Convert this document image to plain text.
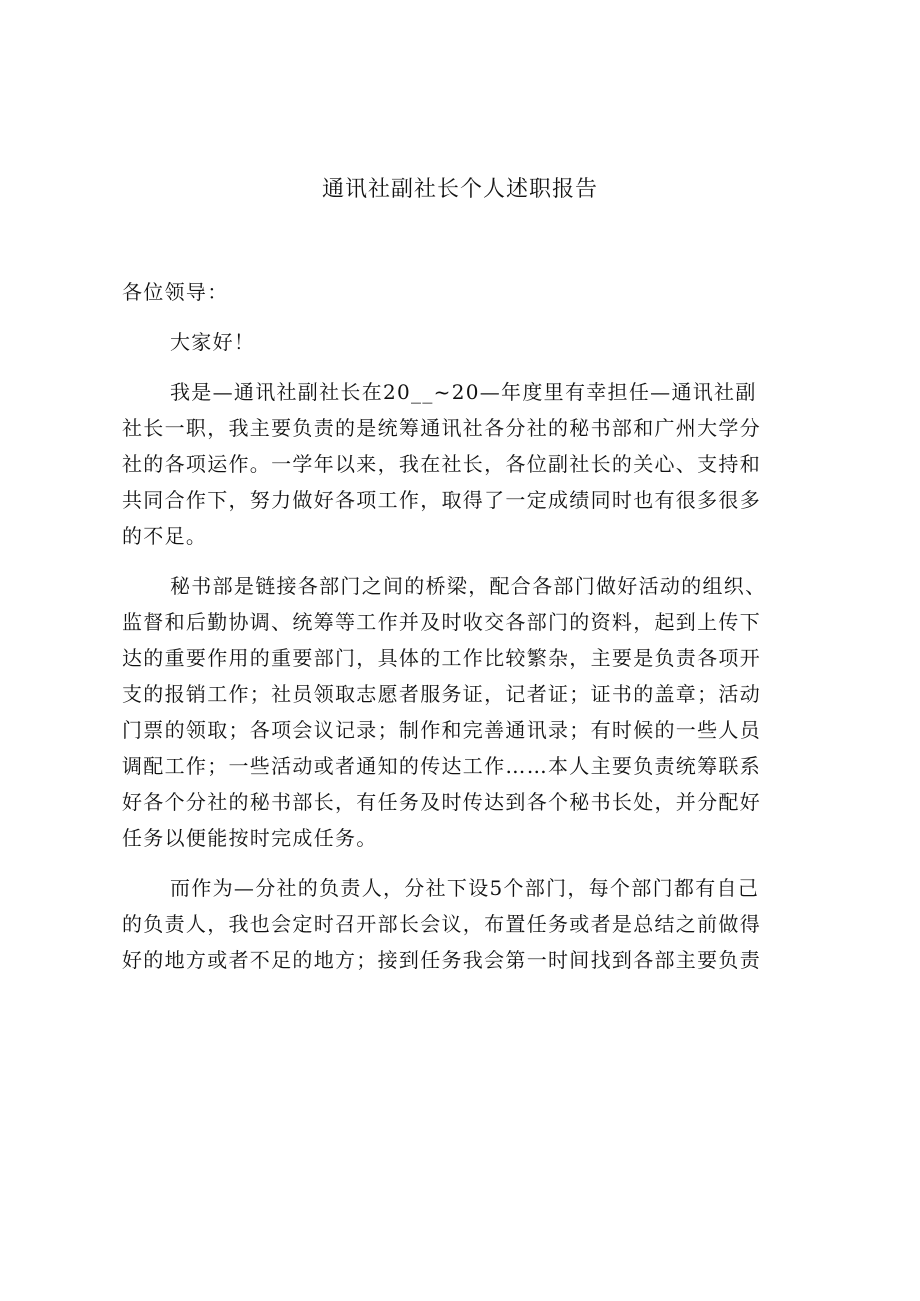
通讯社副社长个人述职报告

各位领导：

大家好！

我是—通讯社副社长在20__~20—年度里有幸担任—通讯社副
社长一职，我主要负责的是统筹通讯社各分社的秘书部和广州大学分
社的各项运作。一学年以来，我在社长，各位副社长的关心、支持和
共同合作下，努力做好各项工作，取得了一定成绩同时也有很多很多
的不足。
秘书部是链接各部门之间的桥梁，配合各部门做好活动的组织、
监督和后勤协调、统筹等工作并及时收交各部门的资料，起到上传下
达的重要作用的重要部门，具体的工作比较繁杂，主要是负责各项开
支的报销工作；社员领取志愿者服务证，记者证；证书的盖章；活动
门票的领取；各项会议记录；制作和完善通讯录；有时候的一些人员
调配工作；一些活动或者通知的传达工作……本人主要负责统筹联系
好各个分社的秘书部长，有任务及时传达到各个秘书长处，并分配好
任务以便能按时完成任务。
而作为—分社的负责人，分社下设5个部门，每个部门都有自己
的负责人，我也会定时召开部长会议，布置任务或者是总结之前做得
好的地方或者不足的地方；接到任务我会第一时间找到各部主要负责
